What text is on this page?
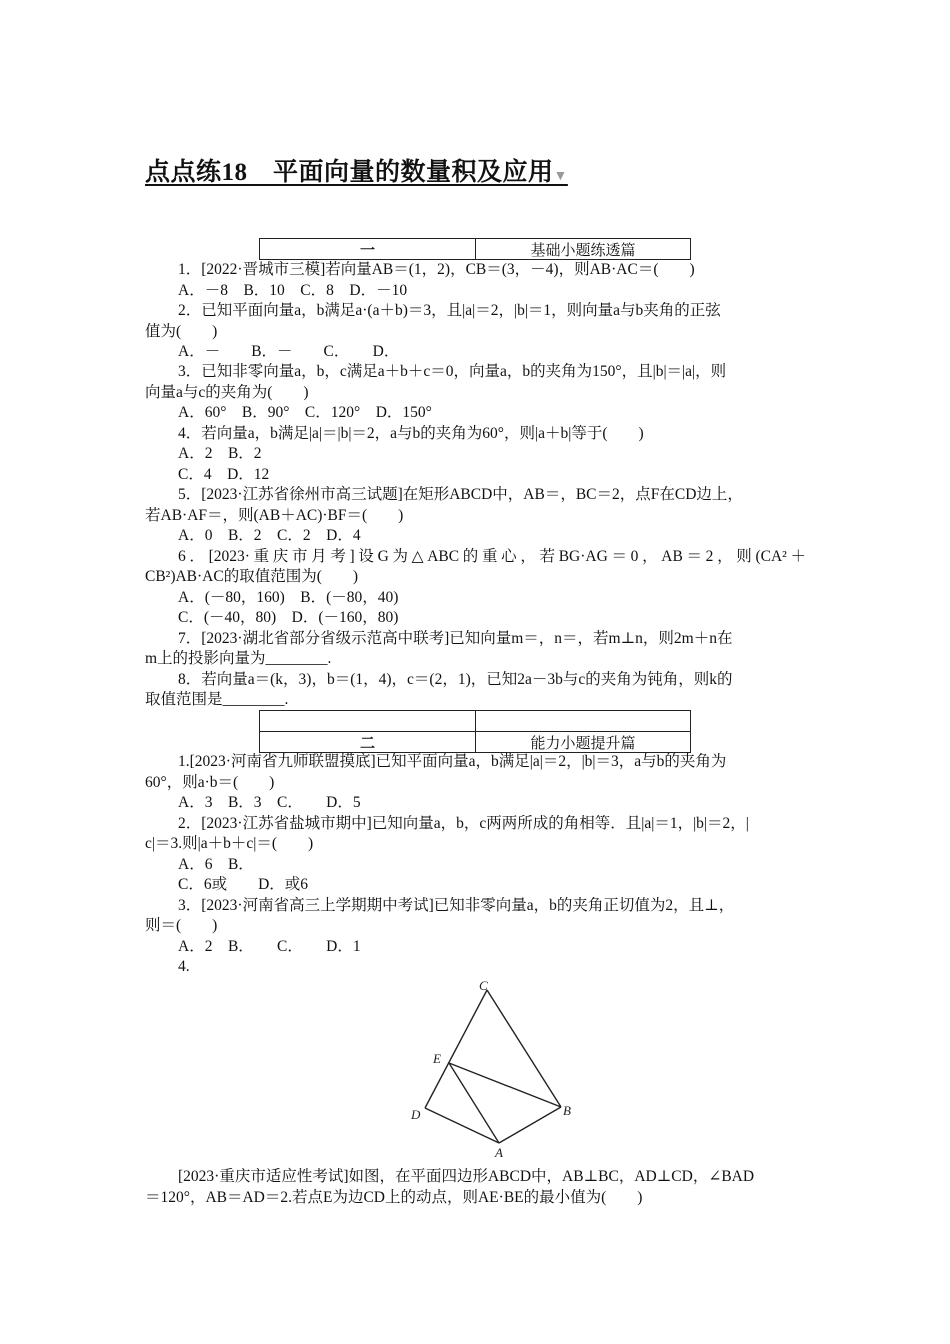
点点练18　平面向量的数量积及应用▼
一	基础小题练透篇
1．[2022·晋城市三模]若向量AB＝(1，2)，CB＝(3，－4)，则AB·AC＝(　　)
A．－8　B．10　C．8　D．－10
2．已知平面向量a，b满足a·(a＋b)＝3，且|a|＝2，|b|＝1，则向量a与b夹角的正弦
值为(　　)
A．－　　B．－　　C．　　D．
3．已知非零向量a，b，c满足a＋b＋c＝0，向量a，b的夹角为150°，且|b|＝|a|，则
向量a与c的夹角为(　　)
A．60°　B．90°　C．120°　D．150°
4．若向量a，b满足|a|＝|b|＝2，a与b的夹角为60°，则|a＋b|等于(　　)
A．2　B．2
C．4　D．12
5．[2023·江苏省徐州市高三试题]在矩形ABCD中，AB＝，BC＝2，点F在CD边上，
若AB·AF＝，则(AB＋AC)·BF＝(　　)
A．0　B．2　C．2　D．4
6．[2023·重庆市月考]设G为△ABC的重心，若BG·AG＝0，AB＝2，则(CA²＋
CB²)AB·AC的取值范围为(　　)
A．(－80，160)　B．(－80，40)
C．(－40，80)　D．(－160，80)
7．[2023·湖北省部分省级示范高中联考]已知向量m＝，n＝，若m⊥n，则2m＋n在
m上的投影向量为________.
8．若向量a＝(k，3)，b＝(1，4)，c＝(2，1)，已知2a－3b与c的夹角为钝角，则k的
取值范围是________.
二	能力小题提升篇
1.[2023·河南省九师联盟摸底]已知平面向量a，b满足|a|＝2，|b|＝3，a与b的夹角为
60°，则a·b＝(　　)
A．3　B．3　C．　　D．5
2．[2023·江苏省盐城市期中]已知向量a，b，c两两所成的角相等．且|a|＝1，|b|＝2，|
c|＝3.则|a＋b＋c|＝(　　)
A．6　B．
C．6或　　D．或6
3．[2023·河南省高三上学期期中考试]已知非零向量a，b的夹角正切值为2，且⊥，
则＝(　　)
A．2　B．　　C．　　D．1
4.
C
E
D	B
A
[2023·重庆市适应性考试]如图，在平面四边形ABCD中，AB⊥BC，AD⊥CD，∠BAD
＝120°，AB＝AD＝2.若点E为边CD上的动点，则AE·BE的最小值为(　　)
